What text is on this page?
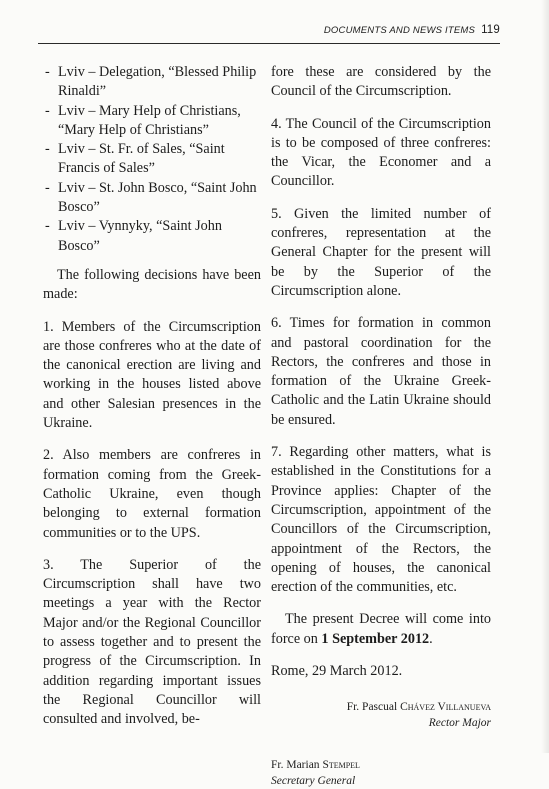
DOCUMENTS AND NEWS ITEMS 119
- Lviv – Delegation, “Blessed Philip Rinaldi”
- Lviv – Mary Help of Christians, “Mary Help of Christians”
- Lviv – St. Fr. of Sales, “Saint Francis of Sales”
- Lviv – St. John Bosco, “Saint John Bosco”
- Lviv – Vynnyky, “Saint John Bosco”

The following decisions have been made:

1. Members of the Circumscription are those confreres who at the date of the canonical erection are living and working in the houses listed above and other Salesian presences in the Ukraine.

2. Also members are confreres in formation coming from the Greek-Catholic Ukraine, even though belonging to external formation communities or to the UPS.

3. The Superior of the Circumscription shall have two meetings a year with the Rector Major and/or the Regional Councillor to assess together and to present the progress of the Circumscription. In addition regarding important issues the Regional Councillor will consulted and involved, be-

fore these are considered by the Council of the Circumscription.

4. The Council of the Circumscription is to be composed of three confreres: the Vicar, the Economer and a Councillor.

5. Given the limited number of confreres, representation at the General Chapter for the present will be by the Superior of the Circumscription alone.

6. Times for formation in common and pastoral coordination for the Rectors, the confreres and those in formation of the Ukraine Greek-Catholic and the Latin Ukraine should be ensured.

7. Regarding other matters, what is established in the Constitutions for a Province applies: Chapter of the Circumscription, appointment of the Councillors of the Circumscription, appointment of the Rectors, the opening of houses, the canonical erection of the communities, etc.

The present Decree will come into force on 1 September 2012.

Rome, 29 March 2012.

Fr. Pascual Chávez Villanueva
Rector Major
Fr. Marian Stempel
Secretary General
